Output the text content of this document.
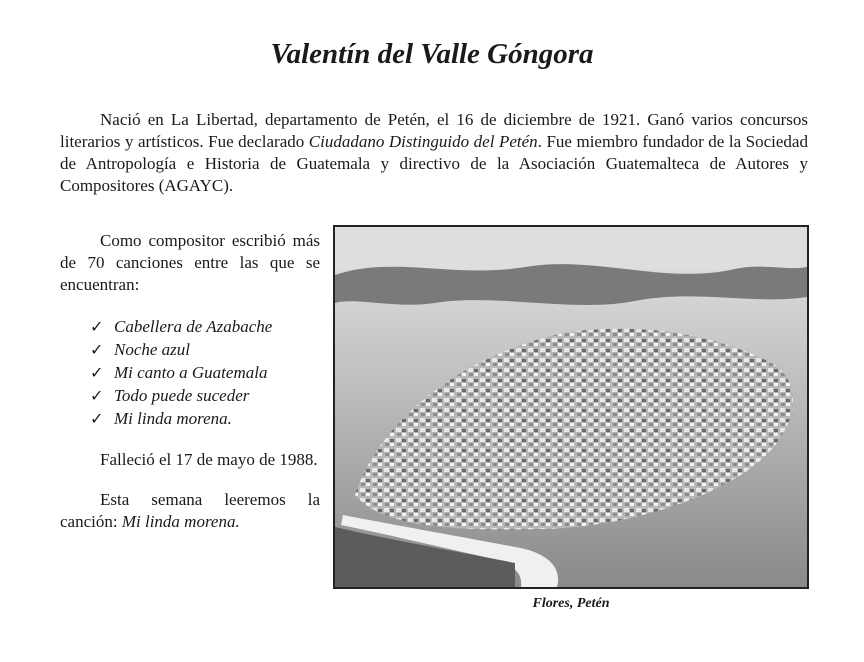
Valentín del Valle Góngora

Nació en La Libertad, departamento de Petén, el 16 de diciembre de 1921. Ganó varios concursos literarios y artísticos. Fue declarado Ciudadano Distinguido del Petén. Fue miembro fundador de la Sociedad de Antropología e Historia de Guatemala y directivo de la Asociación Guatemalteca de Autores y Compositores (AGAYC).

Como compositor escribió más de 70 canciones entre las que se encuentran:

✓ Cabellera de Azabache
✓ Noche azul
✓ Mi canto a Guatemala
✓ Todo puede suceder
✓ Mi linda morena.

Falleció el 17 de mayo de 1988.

Esta semana leeremos la canción: Mi linda morena.

Flores, Petén
